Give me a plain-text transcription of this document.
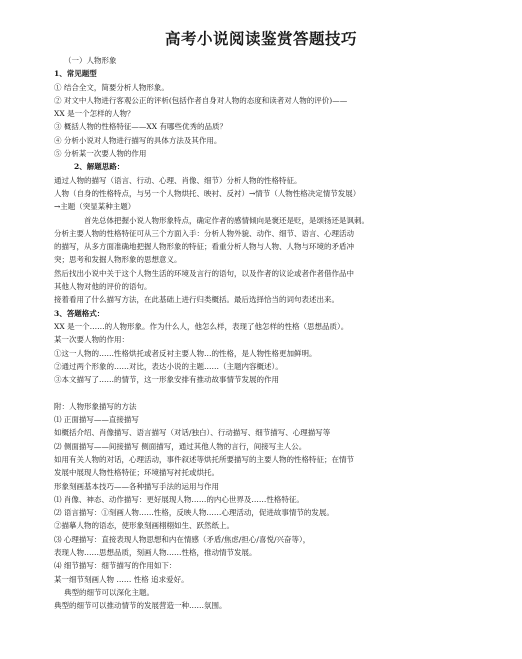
高考小说阅读鉴赏答题技巧
（一）人物形象
1、常见题型
① 结合全文，简要分析人物形象。
② 对文中人物进行客观公正的评析(包括作者自身对人物的态度和读者对人物的评价)——
XX 是一个怎样的人物？
③ 概括人物的性格特征——XX 有哪些优秀的品质？
④ 分析小说对人物进行描写的具体方法及其作用。
⑤ 分析某一次要人物的作用
2、解题思路：
通过人物的描写（语言、行动、心理、肖像、细节）分析人物的性格特征。
人物（自身的性格特点，与另一个人物烘托、映衬、反衬）→情节（人物性格决定情节发展）
→主题（突显某种主题）
首先总体把握小说人物形象特点，确定作者的感情倾向是褒还是贬，是颂扬还是讽刺。
分析主要人物的性格特征可从三个方面入手：分析人物外貌、动作、细节、语言、心理活动
的描写，从多方面准确地把握人物形象的特征；看重分析人物与人物、人物与环境的矛盾冲
突；思考和发掘人物形象的思想意义。
然后找出小说中关于这个人物生活的环境及言行的语句，以及作者的议论或者作者借作品中
其他人物对他的评价的语句。
接着看用了什么描写方法，在此基础上进行归类概括。最后选择恰当的词句表述出来。
3、答题格式：
XX 是一个……的人物形象。作为什么人，他怎么样，表现了他怎样的性格（思想品质）。
某一次要人物的作用：
①这一人物的……性格烘托或者反衬主要人物…的性格，是人物性格更加鲜明。
②通过两个形象的……对比，表达小说的主题……（主题内容概述）。
③本文描写了……的情节，这一形象安排有推动故事情节发展的作用
附：人物形象描写的方法
⑴ 正面描写——直接描写
如概括介绍、肖像描写、语言描写（对话/独白）、行动描写、细节描写、心理描写等
⑵ 侧面描写——间接描写 侧面描写，通过其他人物的言行，间接写主人公。
如用有关人物的对话，心理活动，事件叙述等烘托所要描写的主要人物的性格特征；在情节
发展中展现人物性格特征；环境描写衬托或烘托。
形象刻画基本技巧——各种描写手法的运用与作用
⑴ 肖像、神态、动作描写：更好展现人物……的内心世界及……性格特征。
⑵ 语言描写：①刻画人物……性格，反映人物……心理活动，促进故事情节的发展。
②描摹人物的语态，使形象刻画栩栩如生、跃然纸上。
⑶ 心理描写：直接表现人物思想和内在情感（矛盾/焦虑/担心/喜悦/兴奋等），
表现人物……思想品质，刻画人物……性格，推动情节发展。
⑷ 细节描写：细节描写的作用如下：
某一细节刻画人物 …… 性格 追求爱好。
典型的细节可以深化主题。
典型的细节可以推动情节的发展营造一种……氛围。
